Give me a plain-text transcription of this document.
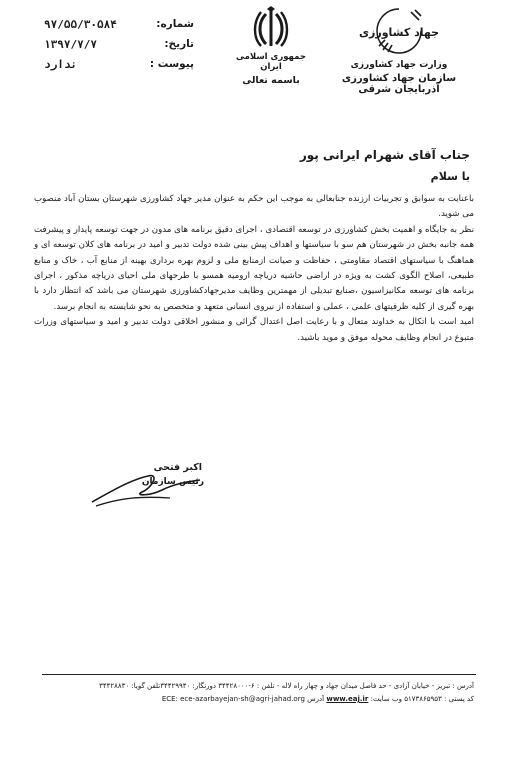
شماره:
۹۷/۵۵/۳۰۵۸۴
تاریخ:
۱۳۹۷/۷/۷
پیوست :
ندارد
جمهوری اسلامی ایران
باسمه تعالی
جهاد کشاورزی
وزارت جهاد کشاورزی
سازمان جهاد کشاورزی آذربایجان شرقی
جناب آقای شهرام ایرانی پور
با سلام

باعنایت به سوابق و تجربیات ارزنده جنابعالی به موجب این حکم به عنوان مدیر جهاد کشاورزی شهرستان بستان آباد منصوب می شوید.

نظر به جایگاه و اهمیت بخش کشاورزی در توسعه اقتصادی ، اجرای دقیق برنامه های مدون در جهت توسعه پایدار و پیشرفت همه جانبه بخش در شهرستان هم سو با سیاستها و اهداف پیش بینی شده دولت تدبیر و امید در برنامه های کلان توسعه ای و هماهنگ با سیاستهای اقتصاد مقاومتی ، حفاظت و صیانت ازمنابع ملی و لزوم بهره برداری بهینه از منابع آب ، خاک و منابع طبیعی، اصلاح الگوی کشت به ویژه در اراضی حاشیه دریاچه ارومیه همسو با طرحهای ملی احیای دریاچه مذکور ، اجرای برنامه های توسعه مکانیزاسیون ،صنایع تبدیلی از مهمترین وظایف مدیرجهادکشاورزی شهرستان می باشد که انتظار دارد با بهره گیری از کلیه ظرفیتهای علمی ، عملی و استفاده از نیروی انسانی متعهد و متخصص به نحو شایسته به انجام برسد.

امید است با اتکال به خداوند متعال و با رعایت اصل اعتدال گرائی و منشور اخلاقی دولت تدبیر و امید و سیاستهای وزرات متبوع در انجام وظایف محوله موفق و موید باشید.

اکبر فتحی
رئیس سازمان
آدرس : تبریز - خیابان آزادی - حد فاصل میدان جهاد و چهار راه لاله - تلفن : ۶-۳۴۴۲۸۰۰۰ دورنگار: ۳۴۴۲۹۹۴۰تلفن گویا: ۳۴۴۲۸۸۳۰
کد پستی : ۵۱۷۳۸۶۵۹۵۳ وب سایت: www.eaj.ir آدرس ECE: ece-azarbayejan-sh@agri-jahad.org
